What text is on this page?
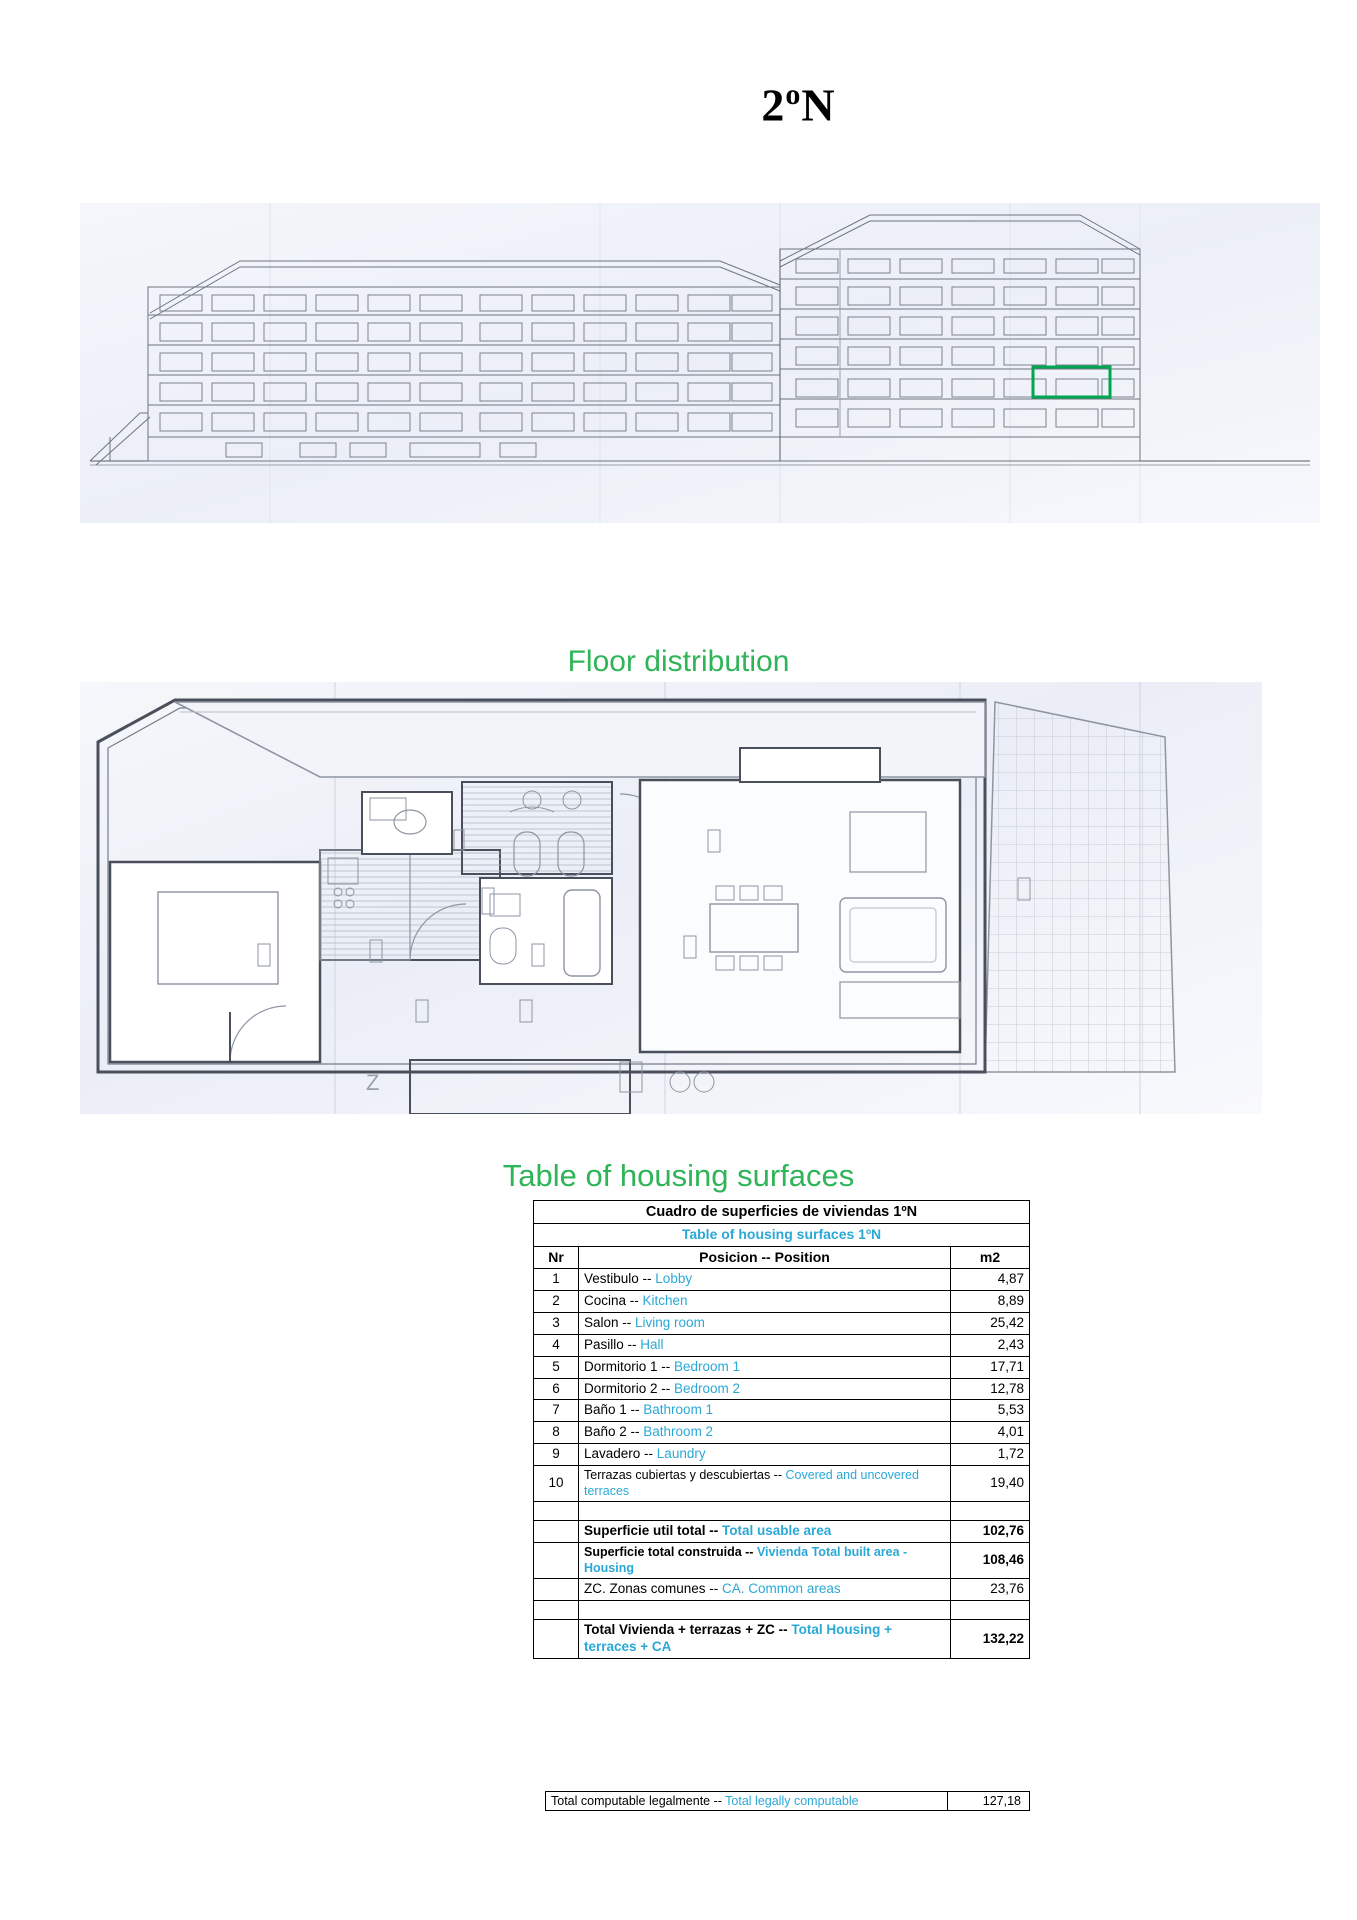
2$^o$N
Floor distribution
Z
Table of housing surfaces
Cuadro de superficies de viviendas 1ºN		
Table of housing surfaces 1ºN		
Nr	Posicion -- Position	m2
1	Vestibulo -- Lobby	4,87
2	Cocina -- Kitchen	8,89
3	Salon -- Living room	25,42
4	Pasillo -- Hall	2,43
5	Dormitorio 1 -- Bedroom 1	17,71
6	Dormitorio 2 -- Bedroom 2	12,78
7	Baño 1 -- Bathroom 1	5,53
8	Baño 2 -- Bathroom 2	4,01
9	Lavadero -- Laundry	1,72
10	Terrazas cubiertas y descubiertas -- Covered and uncovered terraces	19,40

	Superficie util total -- Total usable area	102,76
	Superficie total construida -- Vivienda Total built area - Housing	108,46
	ZC. Zonas comunes -- CA. Common areas	23,76

	Total Vivienda + terrazas + ZC -- Total Housing + terraces + CA	132,22
	Total computable legalmente -- Total legally computable	127,18
